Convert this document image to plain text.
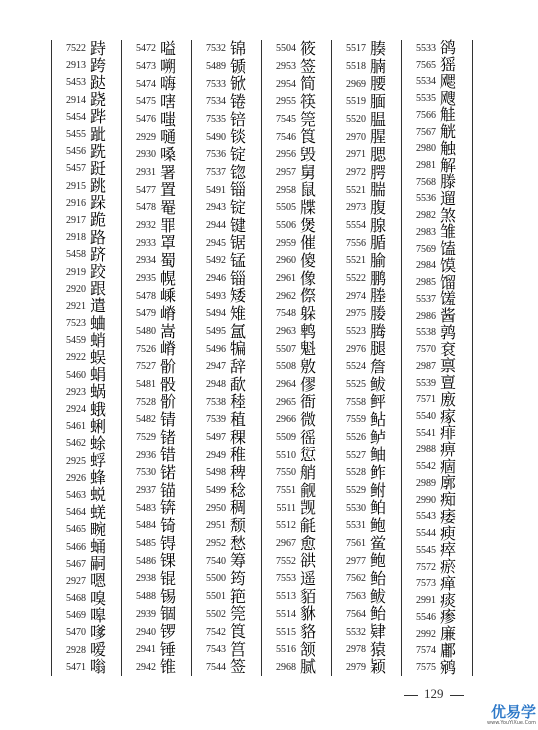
7522 跱
2913 跨
5453 跶
2914 跷
5454 跸
5455 跐
5456 跣
5457 跹
2915 跳
2916 跺
2917 跪
2918 路
5458 跻
2919 跤
2920 跟
2921 遣
7523 蛐
5459 蛸
2922 蜈
5460 蜎
2923 蜗
2924 蛾
5461 蜊
5462 蜍
2925 蜉
2926 蜂
5463 蜕
5464 蜣
5465 畹
5466 蛹
5467 嗣
2927 嗯
5468 嗅
5469 嗥
5470 嗲
2928 嗳
5471 嗡
5472 嗌
5473 嗍
5474 嗨
5475 嗐
5476 嗤
2929 嗵
2930 嗓
2931 署
5477 置
5478 罨
2932 罪
2933 罩
2934 蜀
2935 幌
5478 嵊
5479 嵴
5480 嵩
7526 嵴
7527 骱
5481 骰
7528 骱
5482 锖
7529 锗
2936 错
7530 锘
2937 锚
5483 锛
5484 锜
5485 锝
5486 锞
2938 锟
5488 锡
2939 锢
2940 锣
2941 锤
2942 锥
7532 锦
5489 锧
7533 锨
7534 锩
7535 锫
5490 锬
7536 锭
7537 锪
5491 锱
2943 锭
2944 键
2945 锯
5492 锰
2946 锱
5493 矮
5494 雉
5495 氲
5496 犏
2947 辞
2948 歃
7538 稑
7539 稙
5497 稞
2949 稚
5498 稗
5499 稔
2950 稠
2951 颓
2952 愁
7540 筹
5500 筠
5501 筢
5502 筦
7542 筤
7543 筥
7544 签
5504 筱
2953 签
2954 简
2955 筷
7545 筦
7546 筤
2956 毁
2957 舅
2958 鼠
5505 牒
5506 煲
2959 催
2960 傻
2961 像
2962 傺
7548 躲
2963 鹎
5507 魁
5508 敫
2964 僇
2965 衙
2966 微
5509 徭
5510 愆
7550 艄
7551 觎
5511 觊
5512 毹
2967 愈
7552 谼
7553 遥
5513 貊
5514 貅
5515 貉
5516 颔
2968 腻
5517 腠
5518 腩
2969 腰
5519 腼
5520 腽
2970 腥
2971 腮
2972 腭
5521 腨
2973 腹
5554 腺
7556 腯
5521 腧
5522 鹏
2974 塍
2975 媵
5523 腾
2976 腿
5524 詹
5525 鲅
7558 鲆
7559 鲇
5526 鲈
5527 鲉
5528 鲊
5529 鲋
5530 鲌
5531 鲍
7561 鲎
2977 鲍
7562 鲐
7563 鲅
7564 鲐
5532 肄
2978 猿
2979 颖
5533 鹆
7565 猺
5534 飔
5535 飕
7566 觟
7567 觥
2980 触
2981 解
7568 滕
5536 遛
2982 煞
2983 雏
7569 馌
2984 馍
2985 馏
5537 馐
2986 酱
5538 鹑
7570 袞
2987 禀
5539 亶
7571 廒
5540 瘃
5541 痱
2988 痹
5542 痼
2989 廓
2990 痴
5543 痿
5544 瘐
5545 瘁
7572 瘀
7573 瘅
2991 痰
5546 瘆
2992 廉
7574 鄘
7575 鹓
129
优易学
www.YouYiXue.Com
